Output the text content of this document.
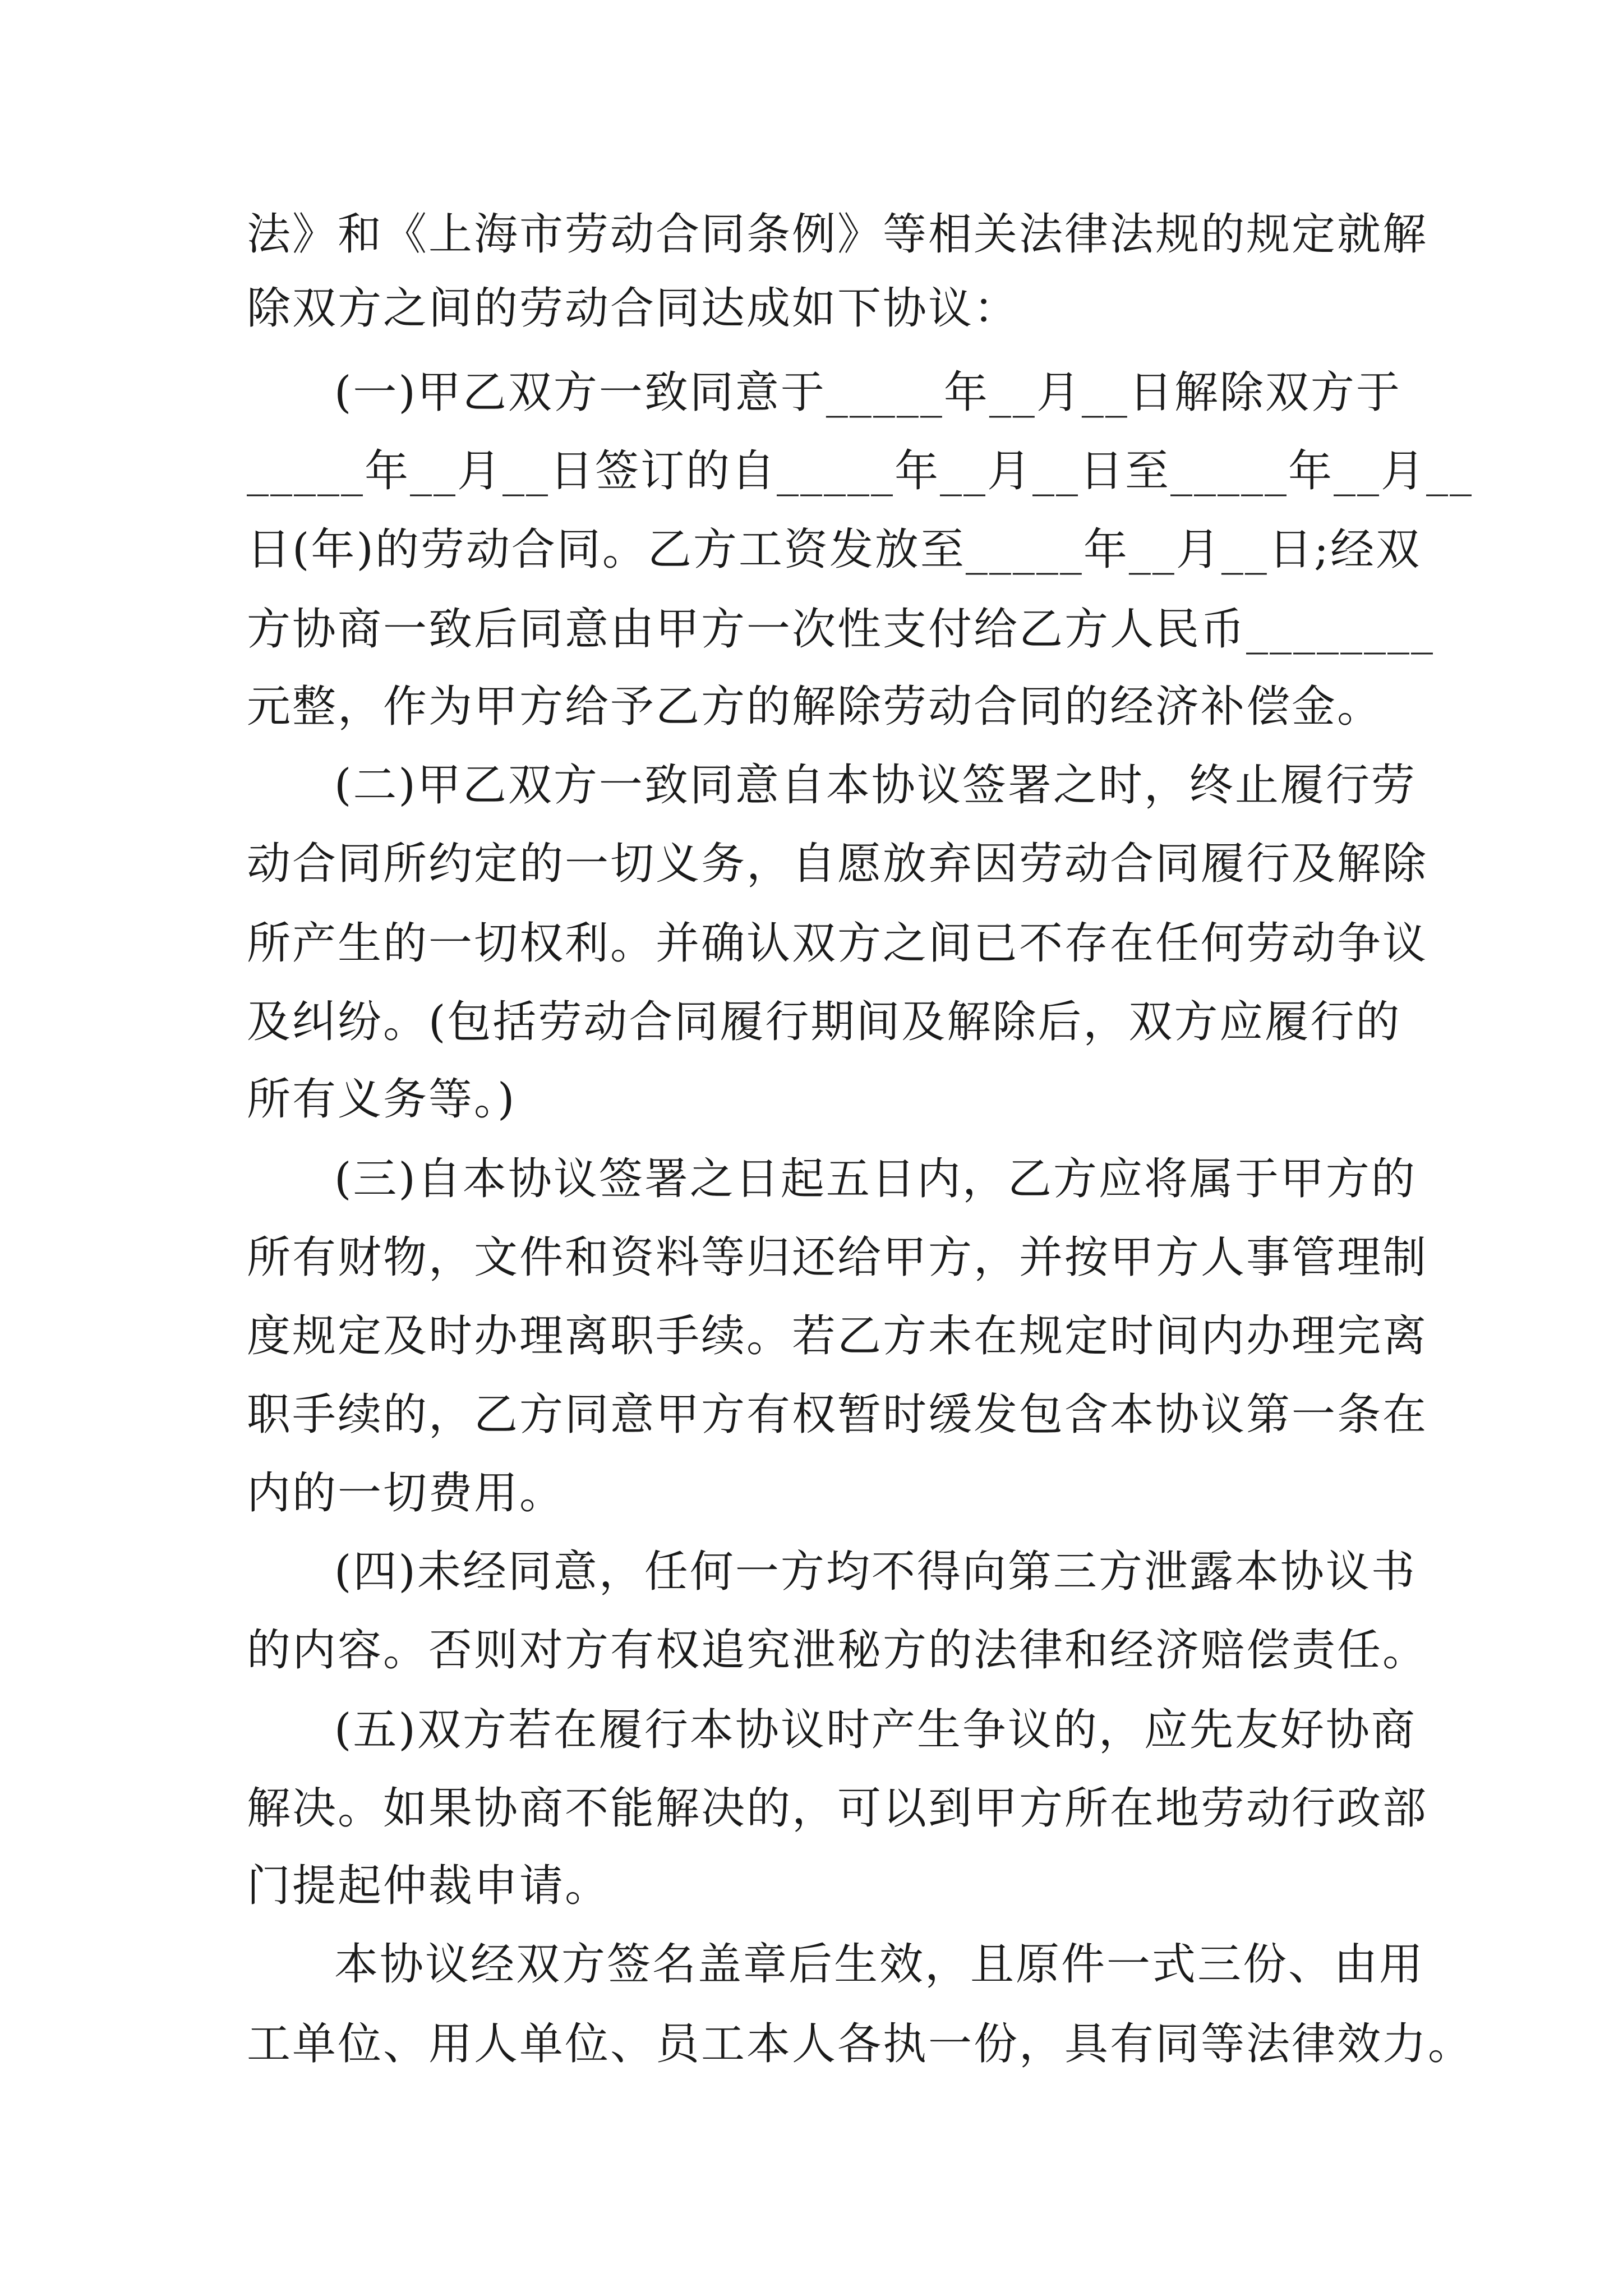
法》和《上海市劳动合同条例》等相关法律法规的规定就解
除双方之间的劳动合同达成如下协议：
(一)甲乙双方一致同意于_____年__月__日解除双方于
_____年__月__日签订的自_____年__月__日至_____年__月__
日(年)的劳动合同。乙方工资发放至_____年__月__日;经双
方协商一致后同意由甲方一次性支付给乙方人民币________
元整，作为甲方给予乙方的解除劳动合同的经济补偿金。
(二)甲乙双方一致同意自本协议签署之时，终止履行劳
动合同所约定的一切义务，自愿放弃因劳动合同履行及解除
所产生的一切权利。并确认双方之间已不存在任何劳动争议
及纠纷。(包括劳动合同履行期间及解除后，双方应履行的
所有义务等。)
(三)自本协议签署之日起五日内，乙方应将属于甲方的
所有财物，文件和资料等归还给甲方，并按甲方人事管理制
度规定及时办理离职手续。若乙方未在规定时间内办理完离
职手续的，乙方同意甲方有权暂时缓发包含本协议第一条在
内的一切费用。
(四)未经同意，任何一方均不得向第三方泄露本协议书
的内容。否则对方有权追究泄秘方的法律和经济赔偿责任。
(五)双方若在履行本协议时产生争议的，应先友好协商
解决。如果协商不能解决的，可以到甲方所在地劳动行政部
门提起仲裁申请。
本协议经双方签名盖章后生效，且原件一式三份、由用
工单位、用人单位、员工本人各执一份，具有同等法律效力。
